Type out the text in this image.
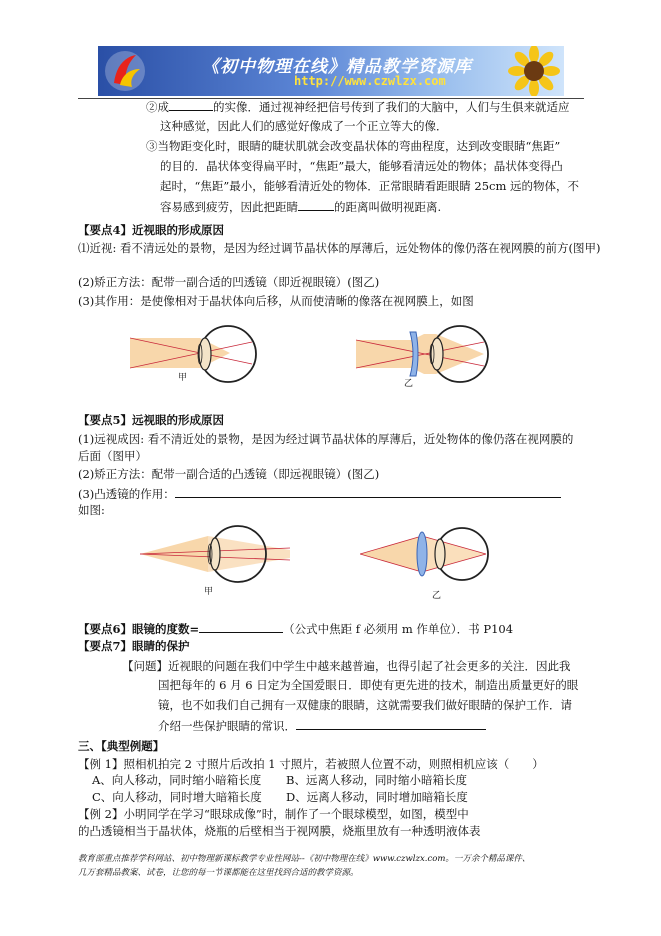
《初中物理在线》精品教学资源库
http://www.czwlzx.com
②成	的实像．通过视神经把信号传到了我们的大脑中，人们与生俱来就适应
这种感觉，因此人们的感觉好像成了一个正立等大的像．
③当物距变化时，眼睛的睫状肌就会改变晶状体的弯曲程度，达到改变眼睛“焦距”
的目的．晶状体变得扁平时，“焦距”最大，能够看清远处的物体；晶状体变得凸
起时，“焦距”最小，能够看清近处的物体．正常眼睛看距眼睛 25cm 远的物体，不
容易感到疲劳，因此把距睛	的距离叫做明视距离.
【要点4】近视眼的形成原因
⑴近视: 看不清远处的景物，是因为经过调节晶状体的厚薄后，远处物体的像仍落在视网膜的前方(图甲)
(2)矫正方法：配带一副合适的凹透镜（即近视眼镜）(图乙)
(3)其作用：是使像相对于晶状体向后移，从而使清晰的像落在视网膜上，如图
甲
乙
【要点5】远视眼的形成原因
(1)远视成因: 看不清近处的景物，是因为经过调节晶状体的厚薄后，近处物体的像仍落在视网膜的
后面（图甲）
(2)矫正方法：配带一副合适的凸透镜（即远视眼镜）(图乙)
(3)凸透镜的作用：
如图:
甲	乙
【要点6】眼镜的度数=	（公式中焦距 f 必须用 m 作单位）．书 P104
【要点7】眼睛的保护
【问题】近视眼的问题在我们中学生中越来越普遍，也得引起了社会更多的关注．因此我
国把每年的 6 月 6 日定为全国爱眼日．即使有更先进的技术，制造出质量更好的眼
镜，也不如我们自己拥有一双健康的眼睛，这就需要我们做好眼睛的保护工作．请
介绍一些保护眼睛的常识．
三、【典型例题】
【例 1】照相机拍完 2 寸照片后改拍 1 寸照片，若被照人位置不动，则照相机应该（　　）
A、向人移动，同时缩小暗箱长度 B、远离人移动，同时缩小暗箱长度
C、向人移动，同时增大暗箱长度 D、远离人移动，同时增加暗箱长度
【例 2】小明同学在学习“眼球成像”时，制作了一个眼球模型，如图，模型中
的凸透镜相当于晶状体，烧瓶的后壁相当于视网膜，烧瓶里放有一种透明液体表
教育部重点推荐学科网站、初中物理新课标教学专业性网站--《初中物理在线》www.czwlzx.com。一万余个精品课件、
几万套精品教案、试卷，让您的每一节课都能在这里找到合适的教学资源。
